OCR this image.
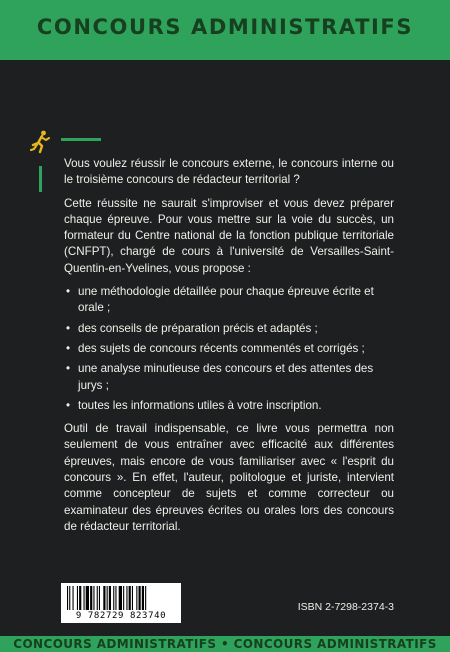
CONCOURS ADMINISTRATIFS

Vous voulez réussir le concours externe, le concours interne ou le troisième concours de rédacteur territorial ?

Cette réussite ne saurait s'improviser et vous devez préparer chaque épreuve. Pour vous mettre sur la voie du succès, un formateur du Centre national de la fonction publique territoriale (CNFPT), chargé de cours à l'université de Versailles-Saint-Quentin-en-Yvelines, vous propose :

• une méthodologie détaillée pour chaque épreuve écrite et orale ;
• des conseils de préparation précis et adaptés ;
• des sujets de concours récents commentés et corrigés ;
• une analyse minutieuse des concours et des attentes des jurys ;
• toutes les informations utiles à votre inscription.

Outil de travail indispensable, ce livre vous permettra non seulement de vous entraîner avec efficacité aux différentes épreuves, mais encore de vous familiariser avec « l'esprit du concours ». En effet, l'auteur, politologue et juriste, intervient comme concepteur de sujets et comme correcteur ou examinateur des épreuves écrites ou orales lors des concours de rédacteur territorial.

9 782729 823740
ISBN 2-7298-2374-3
CONCOURS ADMINISTRATIFS • CONCOURS ADMINISTRATIFS
